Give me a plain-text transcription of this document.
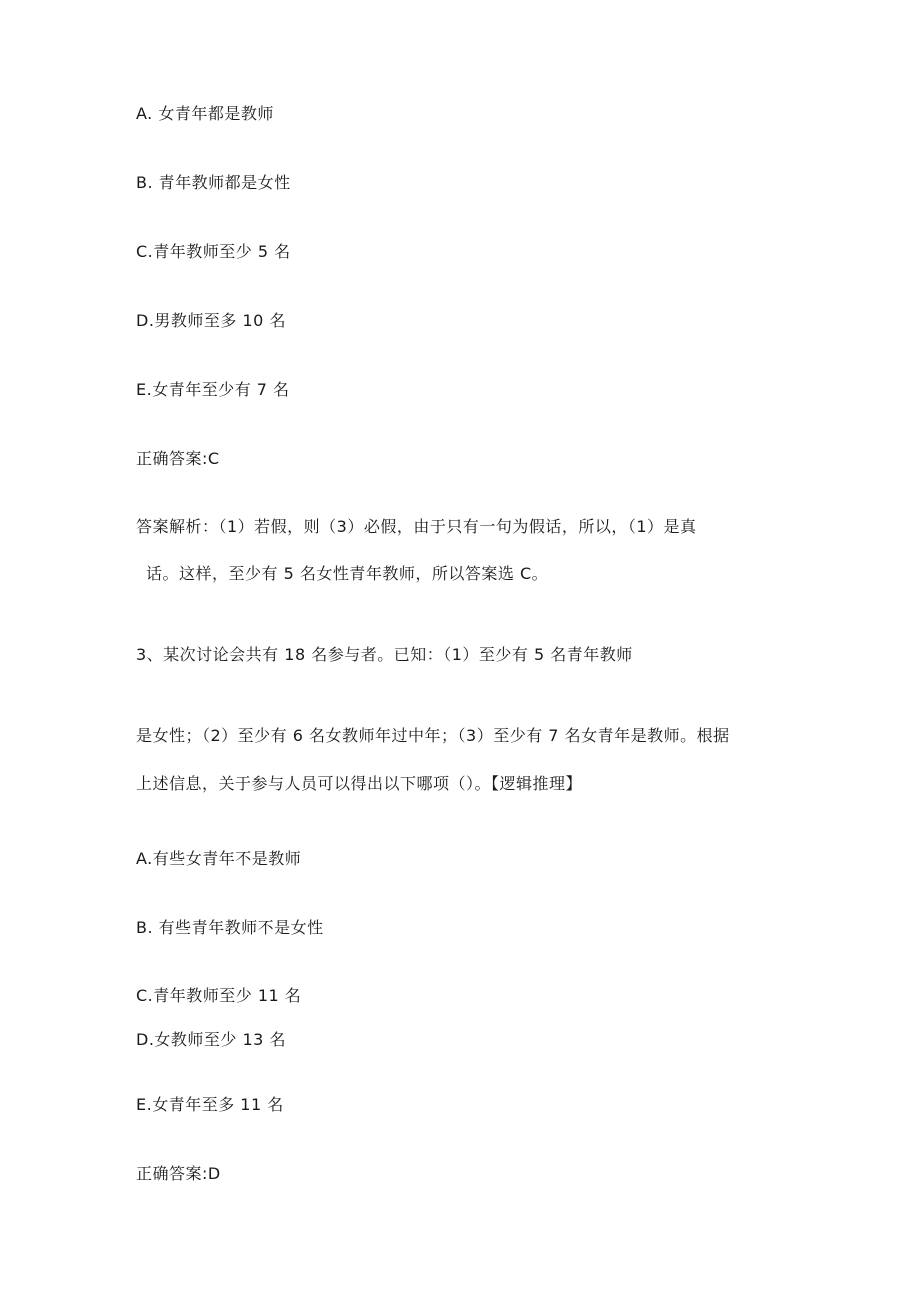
A. 女青年都是教师
B. 青年教师都是女性
C.青年教师至少 5 名
D.男教师至多 10 名
E.女青年至少有 7 名
正确答案:C
答案解析：（1）若假，则（3）必假，由于只有一句为假话，所以，（1）是真
话。这样，至少有 5 名女性青年教师，所以答案选 C。
3、某次讨论会共有 18 名参与者。已知：（1）至少有 5 名青年教师
是女性；（2）至少有 6 名女教师年过中年；（3）至少有 7 名女青年是教师。根据
上述信息，关于参与人员可以得出以下哪项（）。【逻辑推理】
A.有些女青年不是教师
B. 有些青年教师不是女性
C.青年教师至少 11 名
D.女教师至少 13 名
E.女青年至多 11 名
正确答案:D
